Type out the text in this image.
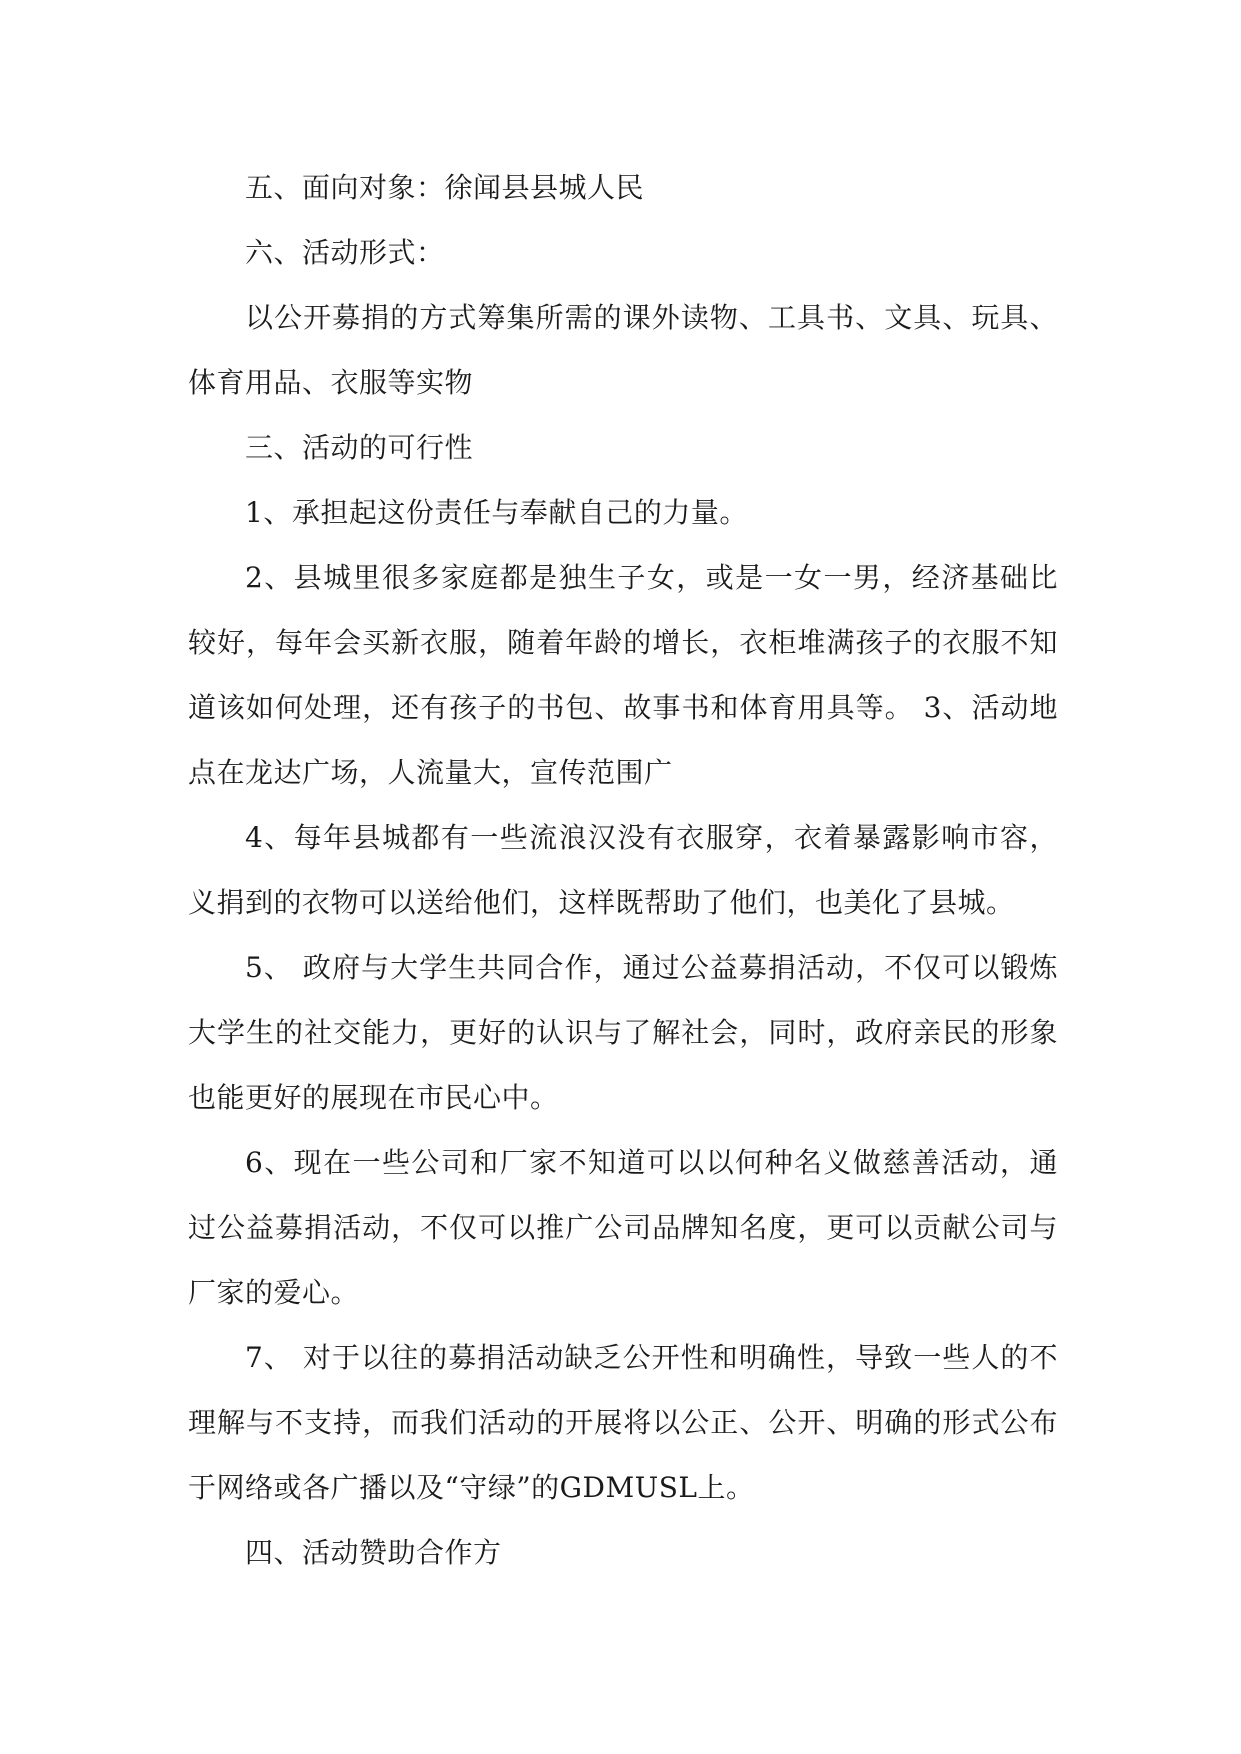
五、面向对象：徐闻县县城人民

六、活动形式：

以公开募捐的方式筹集所需的课外读物、工具书、文具、玩具、体育用品、衣服等实物

三、活动的可行性

1、承担起这份责任与奉献自己的力量。

2、县城里很多家庭都是独生子女，或是一女一男，经济基础比较好，每年会买新衣服，随着年龄的增长，衣柜堆满孩子的衣服不知道该如何处理，还有孩子的书包、故事书和体育用具等。 3、活动地点在龙达广场，人流量大，宣传范围广

4、每年县城都有一些流浪汉没有衣服穿，衣着暴露影响市容，义捐到的衣物可以送给他们，这样既帮助了他们，也美化了县城。

5、 政府与大学生共同合作，通过公益募捐活动，不仅可以锻炼大学生的社交能力，更好的认识与了解社会，同时，政府亲民的形象也能更好的展现在市民心中。

6、现在一些公司和厂家不知道可以以何种名义做慈善活动，通过公益募捐活动，不仅可以推广公司品牌知名度，更可以贡献公司与厂家的爱心。

7、 对于以往的募捐活动缺乏公开性和明确性，导致一些人的不理解与不支持，而我们活动的开展将以公正、公开、明确的形式公布于网络或各广播以及“守绿”的GDMUSL上。

四、活动赞助合作方
